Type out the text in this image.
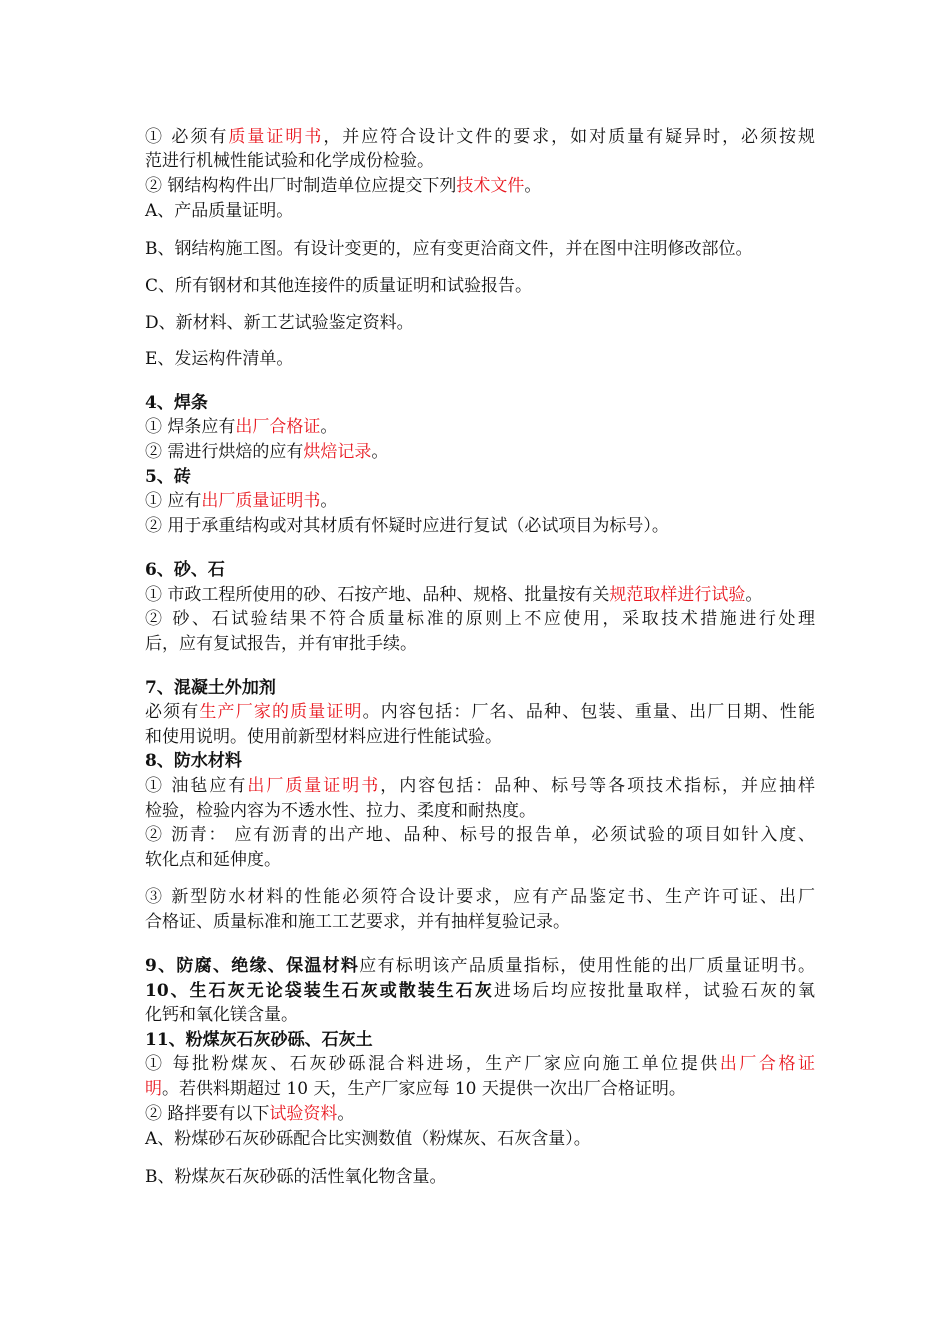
① 必须有质量证明书，并应符合设计文件的要求，如对质量有疑异时，必须按规
范进行机械性能试验和化学成份检验。
② 钢结构构件出厂时制造单位应提交下列技术文件。
A、产品质量证明。
B、钢结构施工图。有设计变更的，应有变更洽商文件，并在图中注明修改部位。
C、所有钢材和其他连接件的质量证明和试验报告。
D、新材料、新工艺试验鉴定资料。
E、发运构件清单。
4、焊条
① 焊条应有出厂合格证。
② 需进行烘焙的应有烘焙记录。
5、砖
① 应有出厂质量证明书。
② 用于承重结构或对其材质有怀疑时应进行复试（必试项目为标号）。
6、砂、石
① 市政工程所使用的砂、石按产地、品种、规格、批量按有关规范取样进行试验。
② 砂、石试验结果不符合质量标准的原则上不应使用，采取技术措施进行处理
后，应有复试报告，并有审批手续。
7、混凝土外加剂
必须有生产厂家的质量证明。内容包括：厂名、品种、包装、重量、出厂日期、性能
和使用说明。使用前新型材料应进行性能试验。
8、防水材料
① 油毡应有出厂质量证明书，内容包括：品种、标号等各项技术指标，并应抽样
检验，检验内容为不透水性、拉力、柔度和耐热度。
② 沥青： 应有沥青的出产地、品种、标号的报告单，必须试验的项目如针入度、
软化点和延伸度。
③ 新型防水材料的性能必须符合设计要求，应有产品鉴定书、生产许可证、出厂
合格证、质量标准和施工工艺要求，并有抽样复验记录。
9、防腐、绝缘、保温材料应有标明该产品质量指标，使用性能的出厂质量证明书。
10、生石灰无论袋装生石灰或散装生石灰进场后均应按批量取样，试验石灰的氧
化钙和氧化镁含量。
11、粉煤灰石灰砂砾、石灰土
① 每批粉煤灰、石灰砂砾混合料进场，生产厂家应向施工单位提供出厂合格证
明。若供料期超过 10 天，生产厂家应每 10 天提供一次出厂合格证明。
② 路拌要有以下试验资料。
A、粉煤砂石灰砂砾配合比实测数值（粉煤灰、石灰含量）。
B、粉煤灰石灰砂砾的活性氧化物含量。
